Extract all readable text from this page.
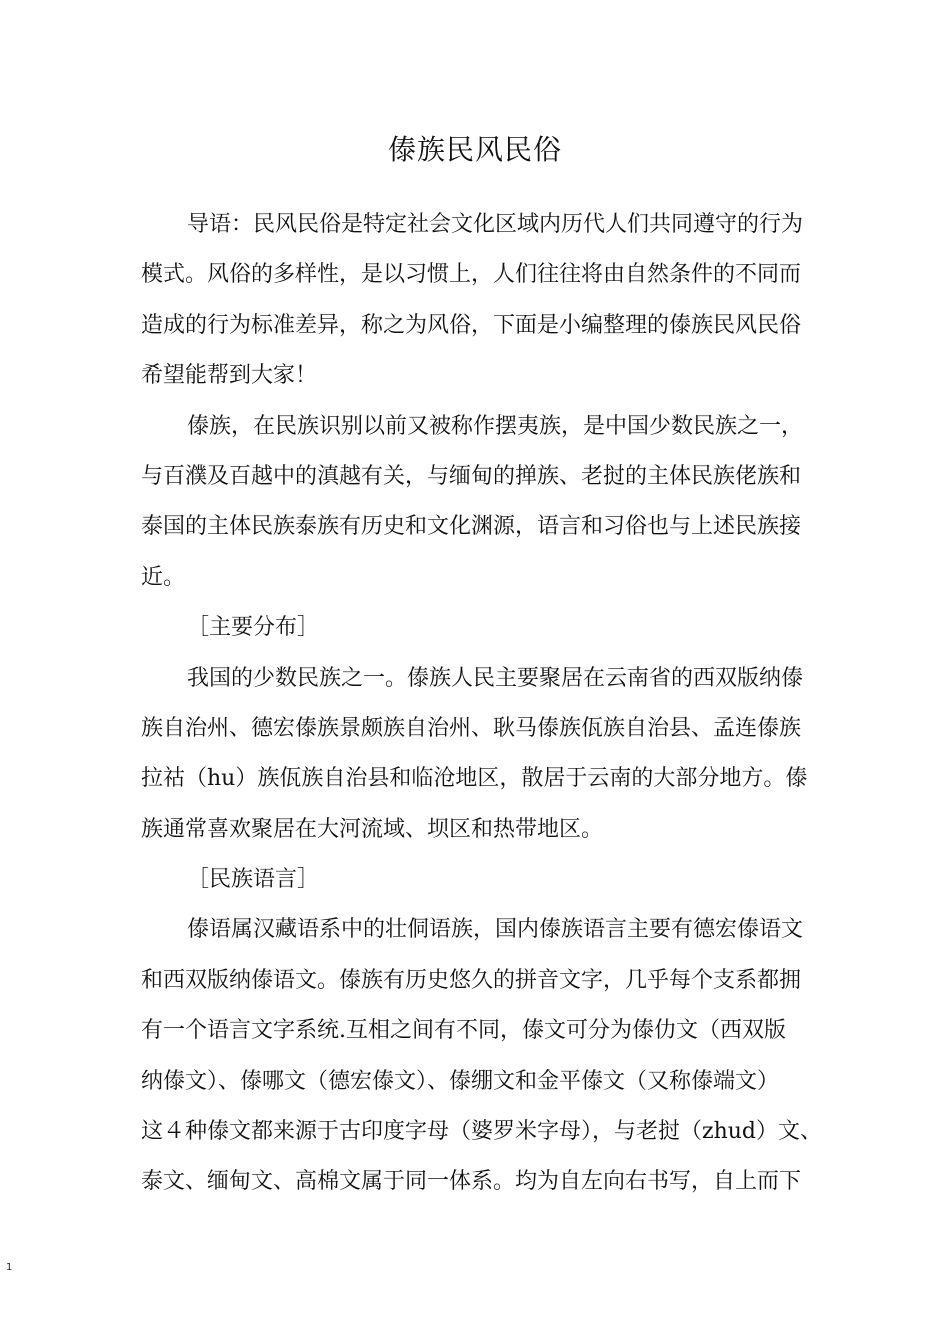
傣族民风民俗
导语：民风民俗是特定社会文化区域内历代人们共同遵守的行为
模式。风俗的多样性，是以习惯上，人们往往将由自然条件的不同而
造成的行为标准差异，称之为风俗，下面是小编整理的傣族民风民俗
希望能帮到大家！
傣族，在民族识别以前又被称作摆夷族，是中国少数民族之一，
与百濮及百越中的滇越有关，与缅甸的掸族、老挝的主体民族佬族和
泰国的主体民族泰族有历史和文化渊源，语言和习俗也与上述民族接
近。
［主要分布］
我国的少数民族之一。傣族人民主要聚居在云南省的西双版纳傣
族自治州、德宏傣族景颇族自治州、耿马傣族佤族自治县、孟连傣族
拉祜（hu）族佤族自治县和临沧地区，散居于云南的大部分地方。傣
族通常喜欢聚居在大河流域、坝区和热带地区。
［民族语言］
傣语属汉藏语系中的壮侗语族，国内傣族语言主要有德宏傣语文
和西双版纳傣语文。傣族有历史悠久的拼音文字，几乎每个支系都拥
有一个语言文字系统.互相之间有不同，傣文可分为傣仂文（西双版
纳傣文）、傣哪文（德宏傣文）、傣绷文和金平傣文（又称傣端文）
这４种傣文都来源于古印度字母（婆罗米字母），与老挝（zhud）文、
泰文、缅甸文、高棉文属于同一体系。均为自左向右书写，自上而下
1
